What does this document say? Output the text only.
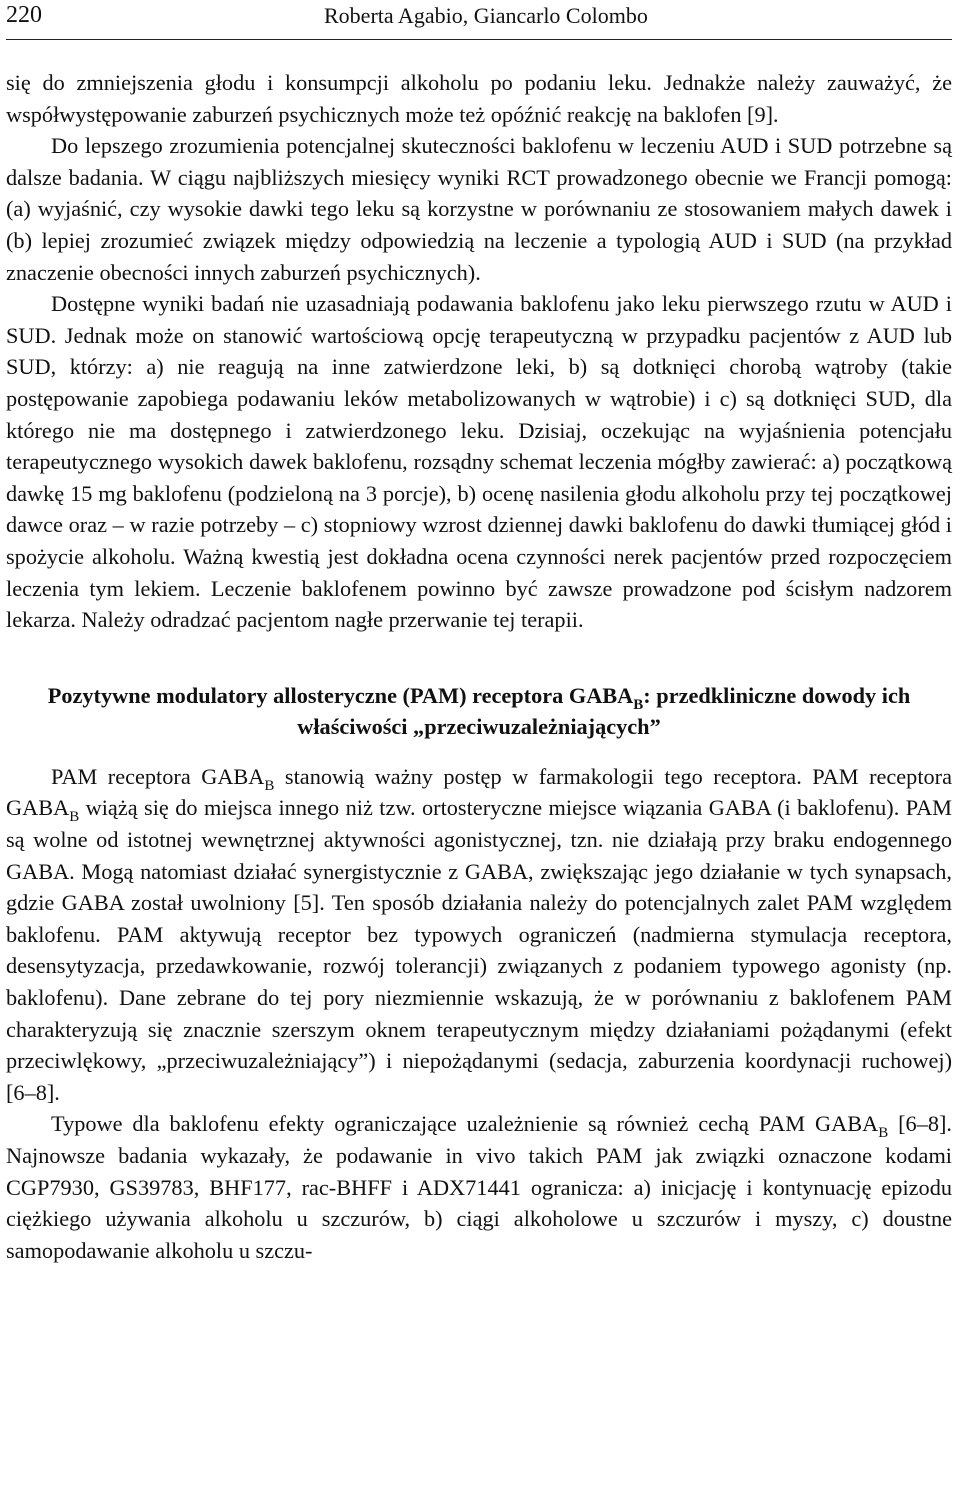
220	Roberta Agabio, Giancarlo Colombo

się do zmniejszenia głodu i konsumpcji alkoholu po podaniu leku. Jednakże należy zauważyć, że współwystępowanie zaburzeń psychicznych może też opóźnić reakcję na baklofen [9].

Do lepszego zrozumienia potencjalnej skuteczności baklofenu w leczeniu AUD i SUD potrzebne są dalsze badania. W ciągu najbliższych miesięcy wyniki RCT prowadzonego obecnie we Francji pomogą: (a) wyjaśnić, czy wysokie dawki tego leku są korzystne w porównaniu ze stosowaniem małych dawek i (b) lepiej zrozumieć związek między odpowiedzią na leczenie a typologią AUD i SUD (na przykład znaczenie obecności innych zaburzeń psychicznych).

Dostępne wyniki badań nie uzasadniają podawania baklofenu jako leku pierwszego rzutu w AUD i SUD. Jednak może on stanowić wartościową opcję terapeutyczną w przypadku pacjentów z AUD lub SUD, którzy: a) nie reagują na inne zatwierdzone leki, b) są dotknięci chorobą wątroby (takie postępowanie zapobiega podawaniu leków metabolizowanych w wątrobie) i c) są dotknięci SUD, dla którego nie ma dostępnego i zatwierdzonego leku. Dzisiaj, oczekując na wyjaśnienia potencjału terapeutycznego wysokich dawek baklofenu, rozsądny schemat leczenia mógłby zawierać: a) początkową dawkę 15 mg baklofenu (podzieloną na 3 porcje), b) ocenę nasilenia głodu alkoholu przy tej początkowej dawce oraz – w razie potrzeby – c) stopniowy wzrost dziennej dawki baklofenu do dawki tłumiącej głód i spożycie alkoholu. Ważną kwestią jest dokładna ocena czynności nerek pacjentów przed rozpoczęciem leczenia tym lekiem. Leczenie baklofenem powinno być zawsze prowadzone pod ścisłym nadzorem lekarza. Należy odradzać pacjentom nagłe przerwanie tej terapii.

Pozytywne modulatory allosteryczne (PAM) receptora $GABA_B$: przedkliniczne dowody ich właściwości „przeciwuzależniających”

PAM receptora $GABA_B$ stanowią ważny postęp w farmakologii tego receptora. PAM receptora $GABA_B$ wiążą się do miejsca innego niż tzw. ortosteryczne miejsce wiązania GABA (i baklofenu). PAM są wolne od istotnej wewnętrznej aktywności agonistycznej, tzn. nie działają przy braku endogennego GABA. Mogą natomiast działać synergistycznie z GABA, zwiększając jego działanie w tych synapsach, gdzie GABA został uwolniony [5]. Ten sposób działania należy do potencjalnych zalet PAM względem baklofenu. PAM aktywują receptor bez typowych ograniczeń (nadmierna stymulacja receptora, desensytyzacja, przedawkowanie, rozwój tolerancji) związanych z podaniem typowego agonisty (np. baklofenu). Dane zebrane do tej pory niezmiennie wskazują, że w porównaniu z baklofenem PAM charakteryzują się znacznie szerszym oknem terapeutycznym między działaniami pożądanymi (efekt przeciwlękowy, „przeciwuzależniający”) i niepożądanymi (sedacja, zaburzenia koordynacji ruchowej) [6–8].

Typowe dla baklofenu efekty ograniczające uzależnienie są również cechą PAM $GABA_B$ [6–8]. Najnowsze badania wykazały, że podawanie in vivo takich PAM jak związki oznaczone kodami CGP7930, GS39783, BHF177, rac-BHFF i ADX71441 ogranicza: a) inicjację i kontynuację epizodu ciężkiego używania alkoholu u szczurów, b) ciągi alkoholowe u szczurów i myszy, c) doustne samopodawanie alkoholu u szczu-
